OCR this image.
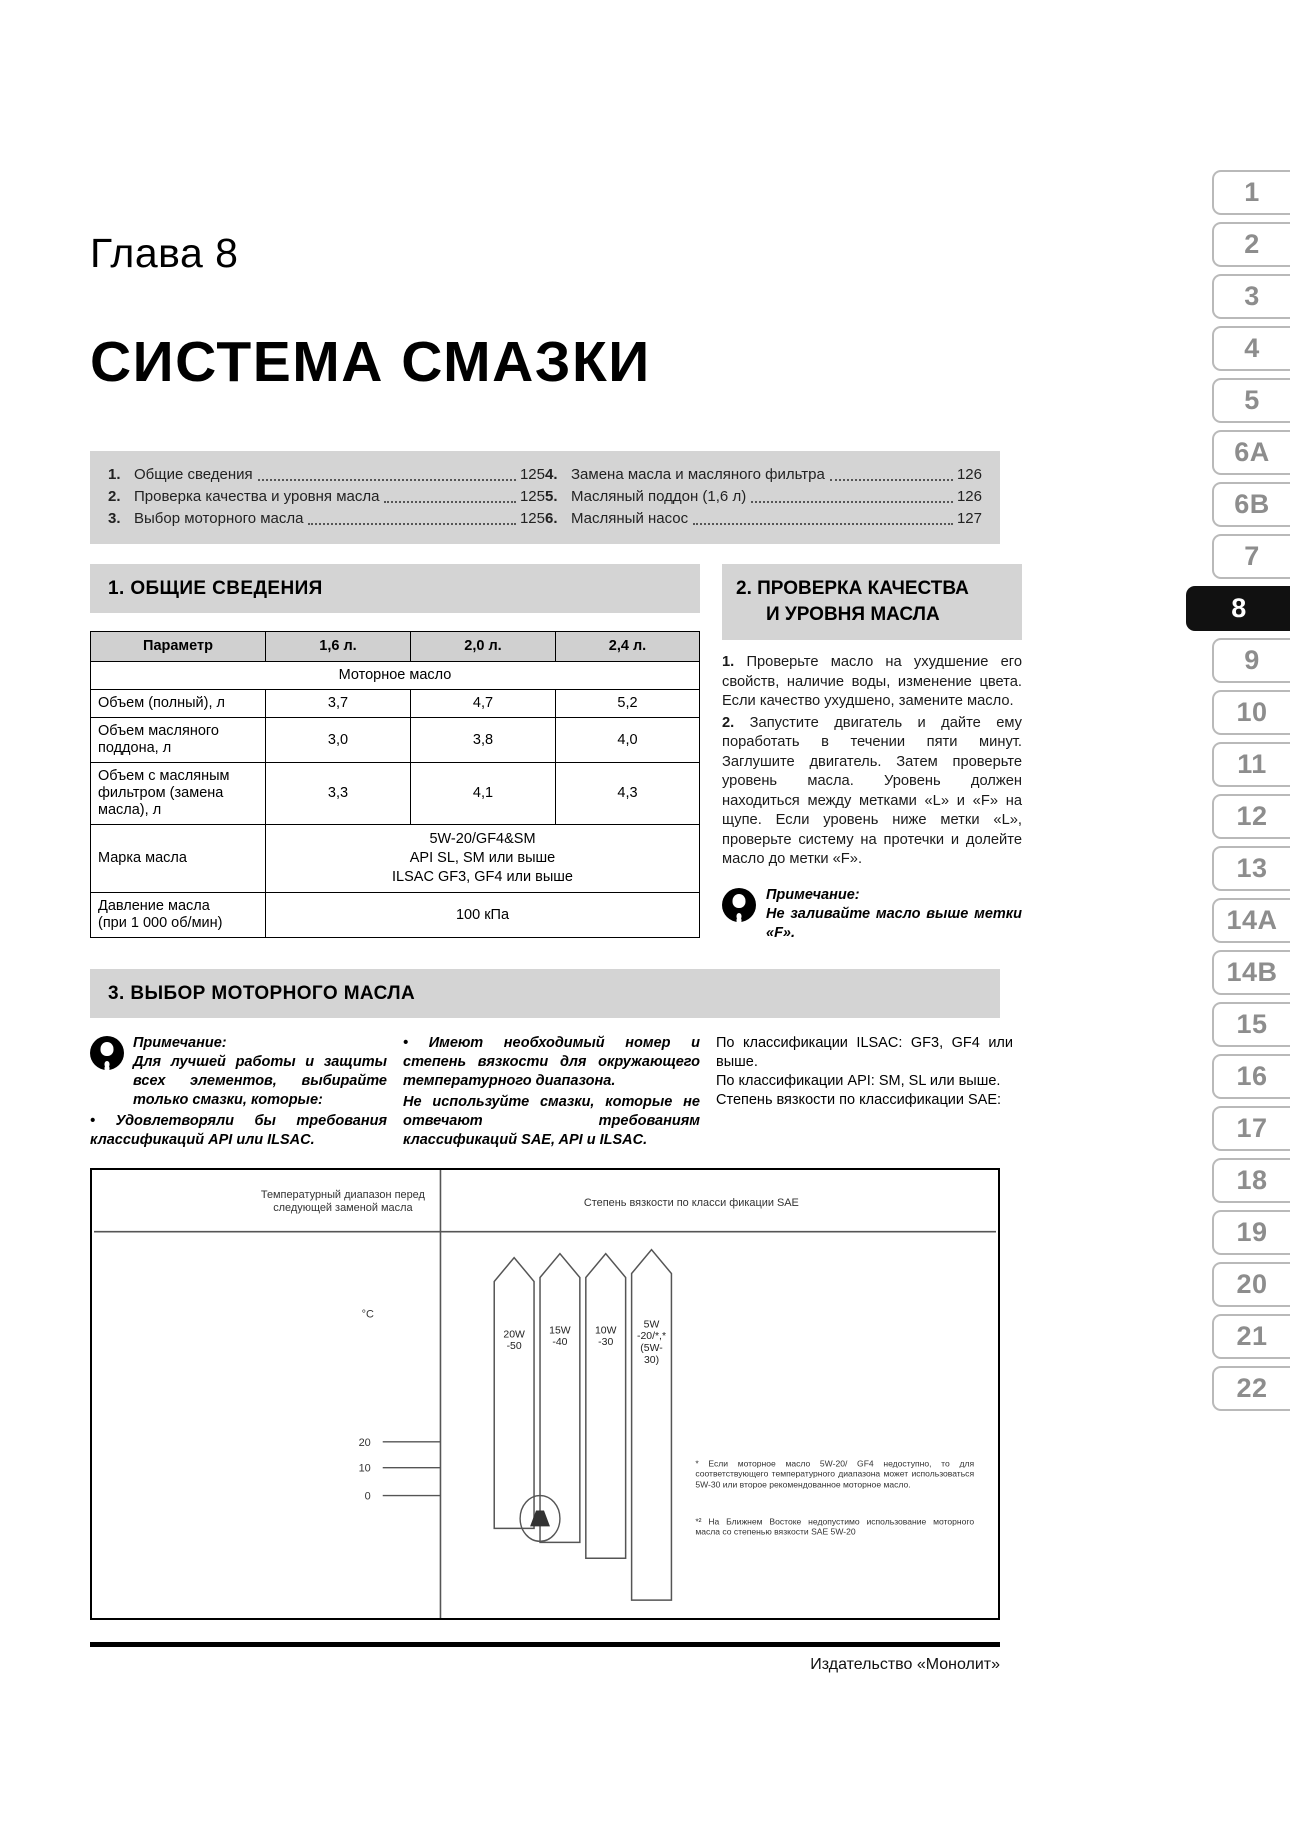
1
2
3
4
5
6A
6B
7
8
9
10
11
12
13
14A
14B
15
16
17
18
19
20
21
22
Глава 8
СИСТЕМА СМАЗКИ
1. Общие сведения	125
2. Проверка качества и уровня масла	125
3. Выбор моторного масла	125
4. Замена масла и масляного фильтра	126
5. Масляный поддон (1,6 л)	126
6. Масляный насос	127
1. ОБЩИЕ СВЕДЕНИЯ
Параметр	1,6 л.	2,0 л.	2,4 л.
Моторное масло			
Объем (полный), л	3,7	4,7	5,2
Объем масляного поддона, л	3,0	3,8	4,0
Объем с масляным фильтром (замена масла), л	3,3	4,1	4,3
Марка масла	5W-20/GF4&SM
API SL, SM или выше
ILSAC GF3, GF4 или выше		

Давление масла
(при 1 000 об/мин)	100 кПа		
2. ПРОВЕРКА КАЧЕСТВА
И УРОВНЯ МАСЛА
1. Проверьте масло на ухудшение его свойств, наличие воды, изменение цвета. Если качество ухудшено, замените масло.
2. Запустите двигатель и дайте ему поработать в течении пяти минут. Заглушите двигатель. Затем проверьте уровень масла. Уровень должен находиться между метками «L» и «F» на щупе. Если уровень ниже метки «L», проверьте систему на протечки и долейте масло до метки «F».
Примечание:
Не заливайте масло выше метки «F».
3. ВЫБОР МОТОРНОГО МАСЛА
Примечание:
Для лучшей работы и защиты всех элементов, выбирайте только смазки, которые:
• Удовлетворяли бы требования классификаций API или ILSAC.
• Имеют необходимый номер и степень вязкости для окружающего температурного диапазона.
Не используйте смазки, которые не отвечают требованиям классификаций SAE, API и ILSAC.
По классификации ILSAC: GF3, GF4 или выше.
По классификации API: SM, SL или выше.
Степень вязкости по классификации SAE:
Температурный диапазон перед
следующей заменой масла	Степень вязкости по класси фикации SAE
°C
20
10
0
20W
-50
15W
-40
10W
-30
5W
-20/*,*
(5W-
30)
* Если моторное масло 5W-20/ GF4 недоступно, то для соответствующего температурного диапазона может использоваться 5W-30 или второе рекомендованное моторное масло.
*² На Ближнем Востоке недопустимо использование моторного масла со степенью вязкости SAE 5W-20
Издательство «Монолит»
